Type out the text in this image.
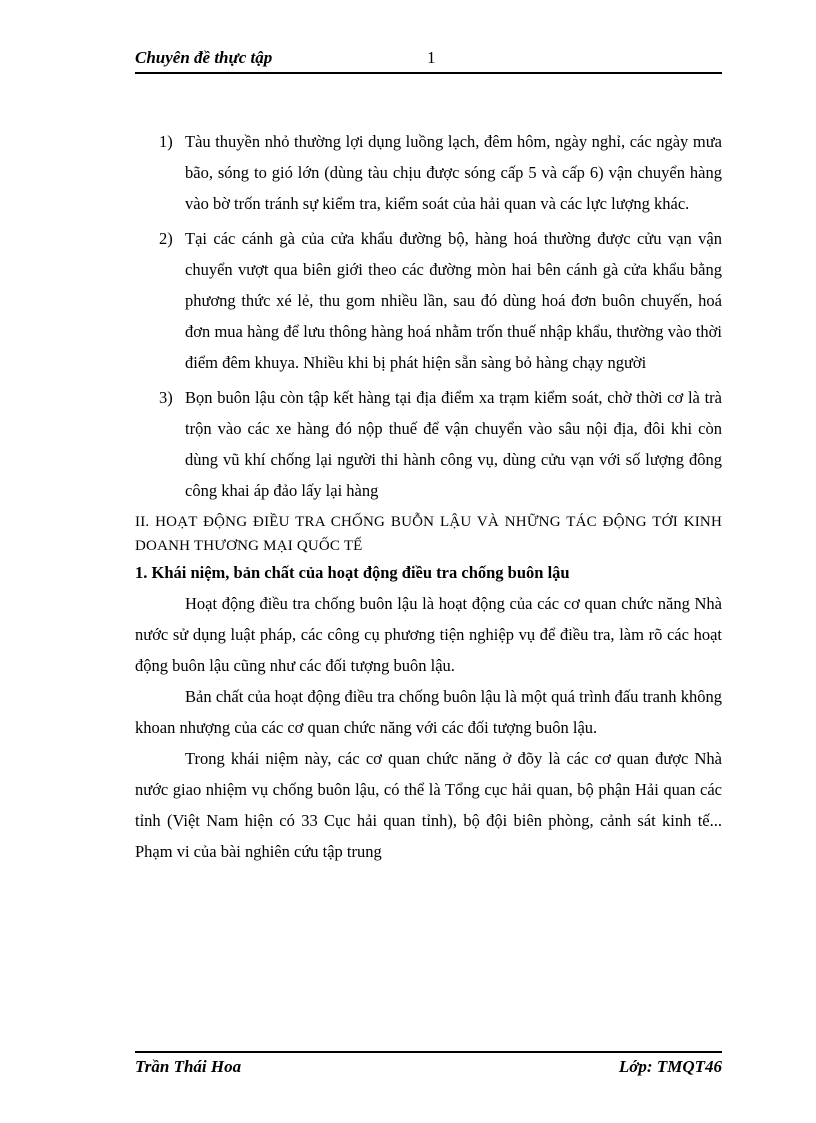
Chuyên đề thực tập	1
1) Tàu thuyền nhỏ thường lợi dụng luồng lạch, đêm hôm, ngày nghỉ, các ngày mưa bão, sóng to gió lớn (dùng tàu chịu được sóng cấp 5 và cấp 6) vận chuyển hàng vào bờ trốn tránh sự kiểm tra, kiểm soát của hải quan và các lực lượng khác.
2) Tại các cánh gà của cửa khẩu đường bộ, hàng hoá thường được cửu vạn vận chuyển vượt qua biên giới theo các đường mòn hai bên cánh gà cửa khẩu bằng phương thức xé lẻ, thu gom nhiều lần, sau đó dùng hoá đơn buôn chuyến, hoá đơn mua hàng để lưu thông hàng hoá nhằm trốn thuế nhập khẩu, thường vào thời điểm đêm khuya. Nhiều khi bị phát hiện sẵn sàng bỏ hàng chạy người
3) Bọn buôn lậu còn tập kết hàng tại địa điểm xa trạm kiểm soát, chờ thời cơ là trà trộn vào các xe hàng đó nộp thuế để vận chuyển vào sâu nội địa, đôi khi còn dùng vũ khí chống lại người thi hành công vụ, dùng cửu vạn với số lượng đông công khai áp đảo lấy lại hàng
II. HOẠT ĐỘNG ĐIỀU TRA CHỐNG BUỖN LẬU VÀ NHỮNG TÁC ĐỘNG TỚI KINH DOANH THƯƠNG MẠI QUỐC TẾ
1. Khái niệm, bản chất của hoạt động điều tra chống buôn lậu

Hoạt động điều tra chống buôn lậu là hoạt động của các cơ quan chức năng Nhà nước sử dụng luật pháp, các công cụ phương tiện nghiệp vụ để điều tra, làm rõ các hoạt động buôn lậu cũng như các đối tượng buôn lậu.

Bản chất của hoạt động điều tra chống buôn lậu là một quá trình đấu tranh không khoan nhượng của các cơ quan chức năng với các đối tượng buôn lậu.

Trong khái niệm này, các cơ quan chức năng ở đõy là các cơ quan được Nhà nước giao nhiệm vụ chống buôn lậu, có thể là Tổng cục hải quan, bộ phận Hải quan các tỉnh (Việt Nam hiện có 33 Cục hải quan tỉnh), bộ đội biên phòng, cảnh sát kinh tế... Phạm vi của bài nghiên cứu tập trung

Trần Thái Hoa	Lớp: TMQT46
